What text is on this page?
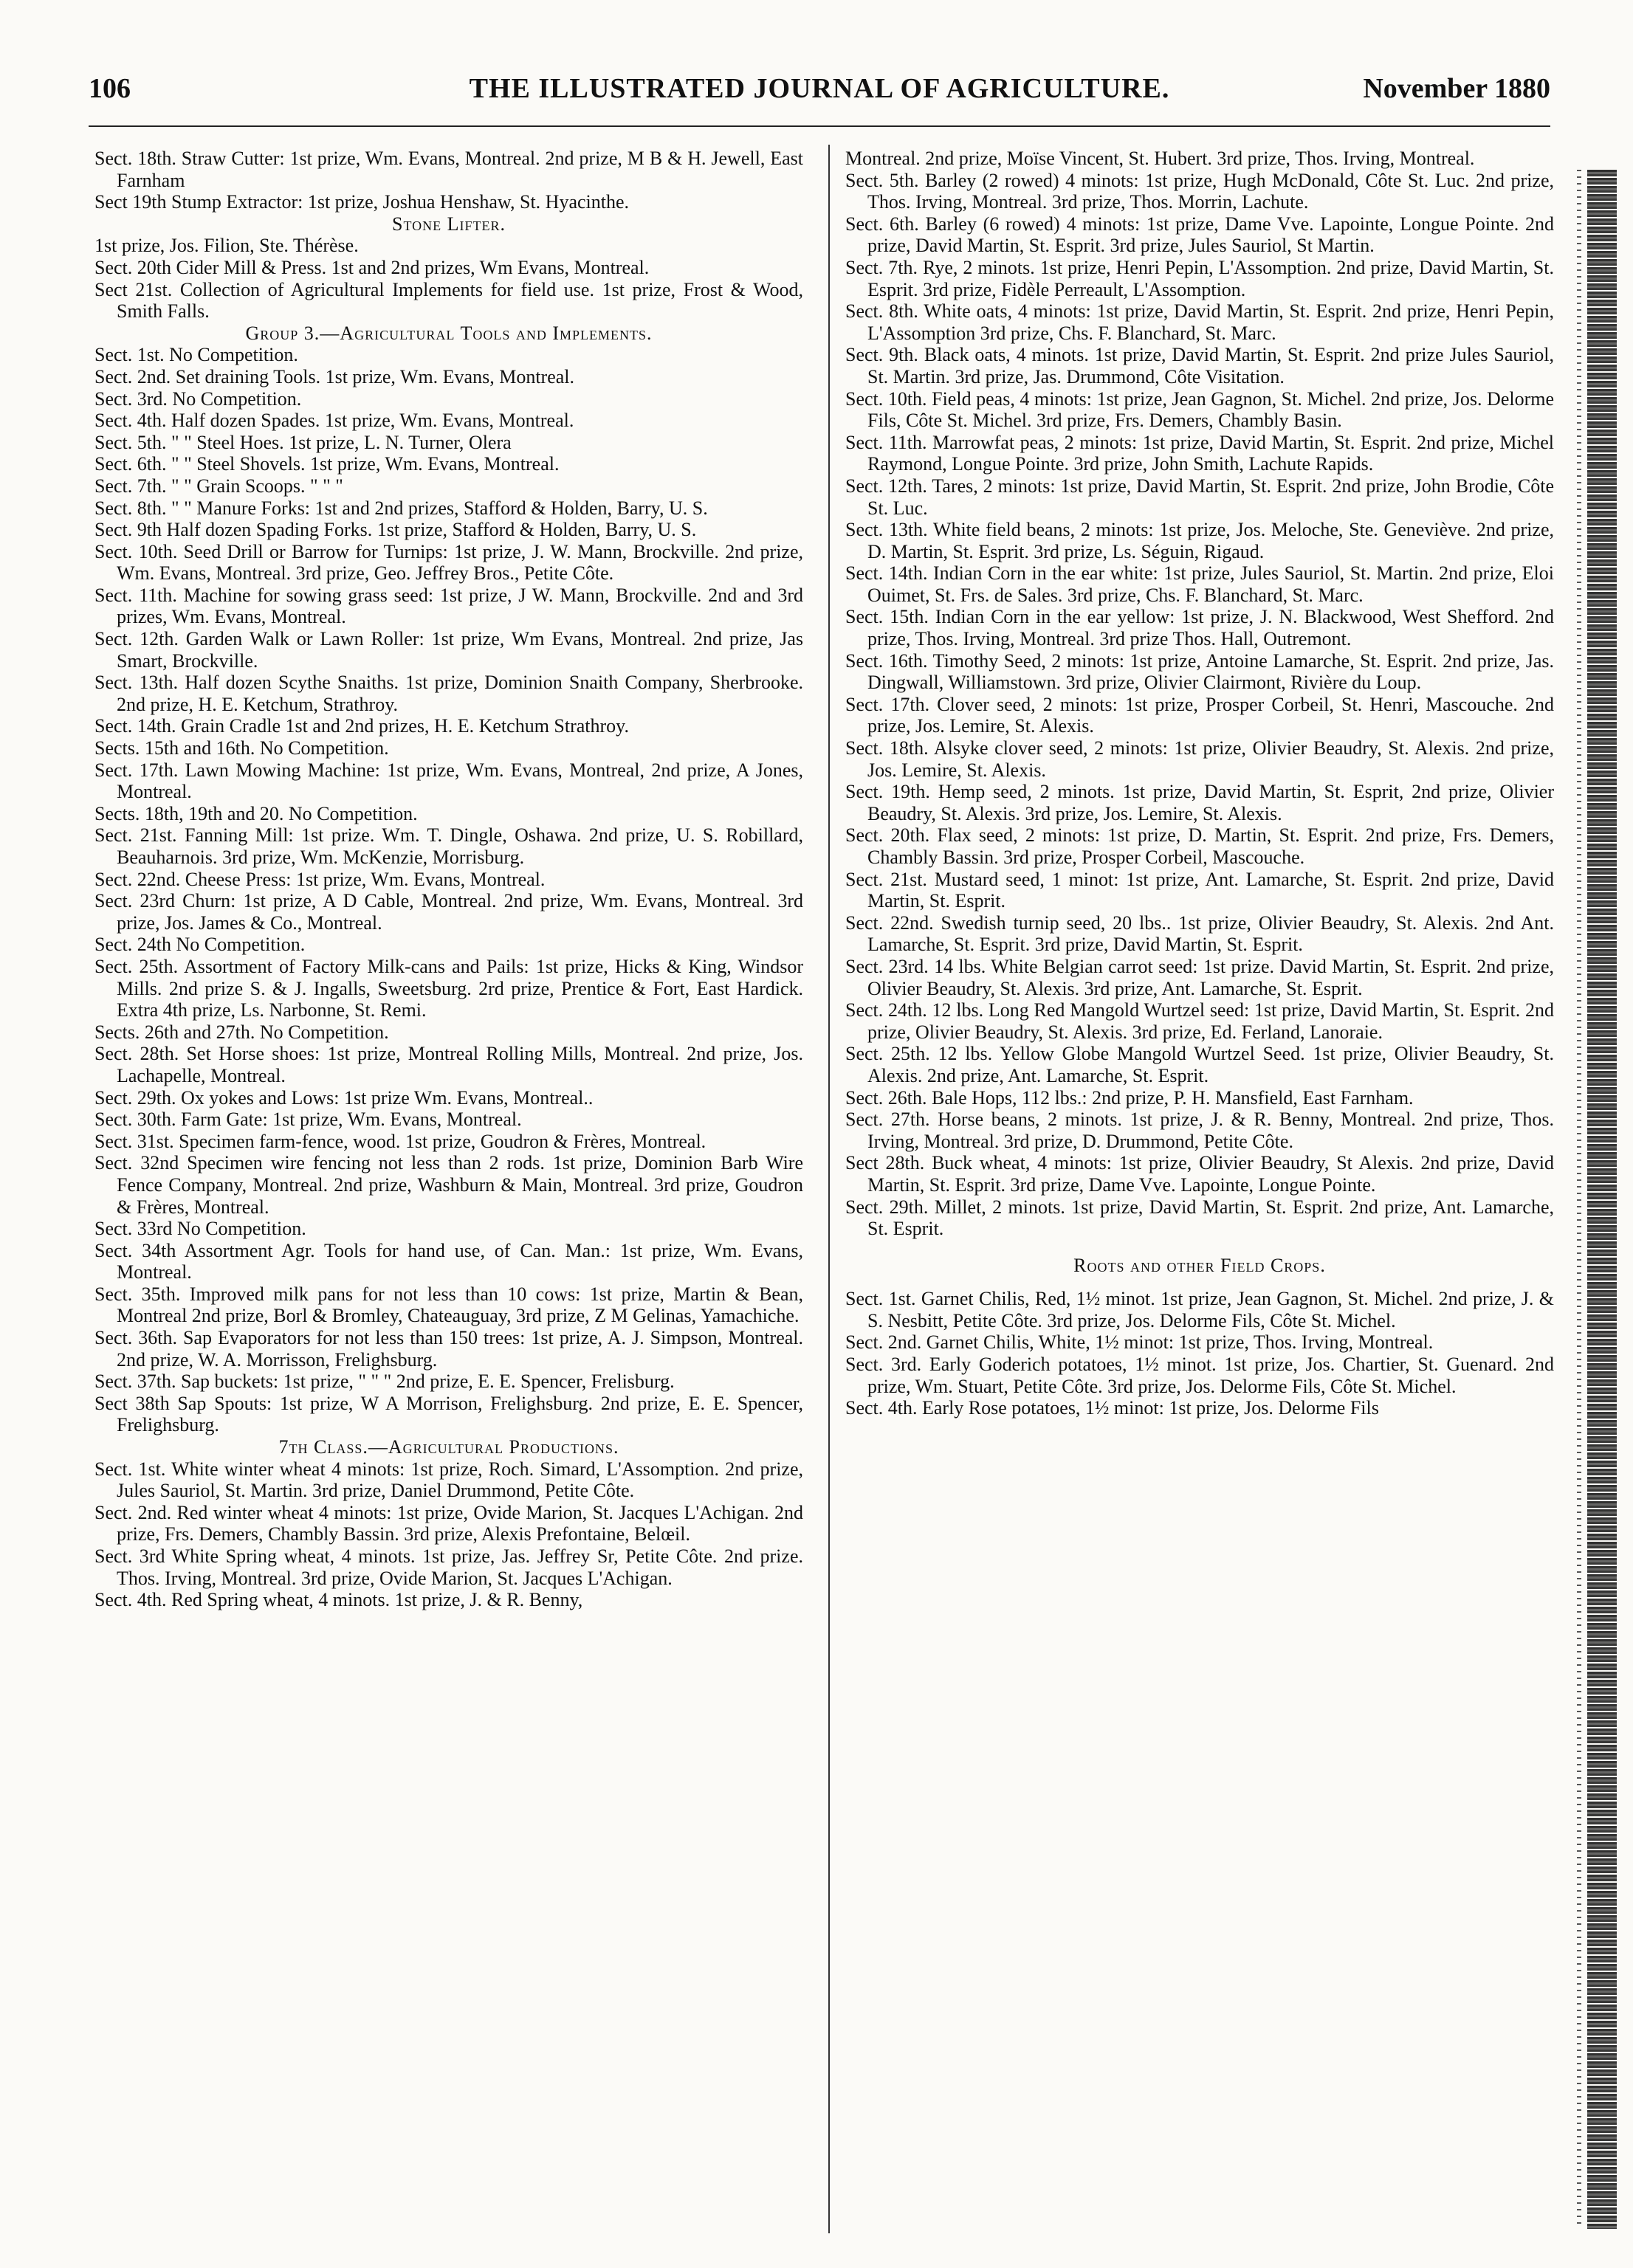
106	THE ILLUSTRATED JOURNAL OF AGRICULTURE.	November 1880

Sect. 18th. Straw Cutter: 1st prize, Wm. Evans, Montreal. 2nd prize, M B & H. Jewell, East Farnham

Sect 19th Stump Extractor: 1st prize, Joshua Henshaw, St. Hyacinthe.

Stone Lifter.

1st prize, Jos. Filion, Ste. Thérèse.

Sect. 20th Cider Mill & Press. 1st and 2nd prizes, Wm Evans, Montreal.

Sect 21st. Collection of Agricultural Implements for field use. 1st prize, Frost & Wood, Smith Falls.

Group 3.—Agricultural Tools and Implements.

Sect. 1st. No Competition.

Sect. 2nd. Set draining Tools. 1st prize, Wm. Evans, Montreal.

Sect. 3rd. No Competition.

Sect. 4th. Half dozen Spades. 1st prize, Wm. Evans, Montreal.

Sect. 5th. " " Steel Hoes. 1st prize, L. N. Turner, Olera

Sect. 6th. " " Steel Shovels. 1st prize, Wm. Evans, Montreal.

Sect. 7th. " " Grain Scoops. " " "

Sect. 8th. " " Manure Forks: 1st and 2nd prizes, Stafford & Holden, Barry, U. S.

Sect. 9th Half dozen Spading Forks. 1st prize, Stafford & Holden, Barry, U. S.

Sect. 10th. Seed Drill or Barrow for Turnips: 1st prize, J. W. Mann, Brockville. 2nd prize, Wm. Evans, Montreal. 3rd prize, Geo. Jeffrey Bros., Petite Côte.

Sect. 11th. Machine for sowing grass seed: 1st prize, J W. Mann, Brockville. 2nd and 3rd prizes, Wm. Evans, Montreal.

Sect. 12th. Garden Walk or Lawn Roller: 1st prize, Wm Evans, Montreal. 2nd prize, Jas Smart, Brockville.

Sect. 13th. Half dozen Scythe Snaiths. 1st prize, Dominion Snaith Company, Sherbrooke. 2nd prize, H. E. Ketchum, Strathroy.

Sect. 14th. Grain Cradle 1st and 2nd prizes, H. E. Ketchum Strathroy.

Sects. 15th and 16th. No Competition.

Sect. 17th. Lawn Mowing Machine: 1st prize, Wm. Evans, Montreal, 2nd prize, A Jones, Montreal.

Sects. 18th, 19th and 20. No Competition.

Sect. 21st. Fanning Mill: 1st prize. Wm. T. Dingle, Oshawa. 2nd prize, U. S. Robillard, Beauharnois. 3rd prize, Wm. McKenzie, Morrisburg.

Sect. 22nd. Cheese Press: 1st prize, Wm. Evans, Montreal.

Sect. 23rd Churn: 1st prize, A D Cable, Montreal. 2nd prize, Wm. Evans, Montreal. 3rd prize, Jos. James & Co., Montreal.

Sect. 24th No Competition.

Sect. 25th. Assortment of Factory Milk-cans and Pails: 1st prize, Hicks & King, Windsor Mills. 2nd prize S. & J. Ingalls, Sweetsburg. 2rd prize, Prentice & Fort, East Hardick. Extra 4th prize, Ls. Narbonne, St. Remi.

Sects. 26th and 27th. No Competition.

Sect. 28th. Set Horse shoes: 1st prize, Montreal Rolling Mills, Montreal. 2nd prize, Jos. Lachapelle, Montreal.

Sect. 29th. Ox yokes and Lows: 1st prize Wm. Evans, Montreal..

Sect. 30th. Farm Gate: 1st prize, Wm. Evans, Montreal.

Sect. 31st. Specimen farm-fence, wood. 1st prize, Goudron & Frères, Montreal.

Sect. 32nd Specimen wire fencing not less than 2 rods. 1st prize, Dominion Barb Wire Fence Company, Montreal. 2nd prize, Washburn & Main, Montreal. 3rd prize, Goudron & Frères, Montreal.

Sect. 33rd No Competition.

Sect. 34th Assortment Agr. Tools for hand use, of Can. Man.: 1st prize, Wm. Evans, Montreal.

Sect. 35th. Improved milk pans for not less than 10 cows: 1st prize, Martin & Bean, Montreal 2nd prize, Borl & Bromley, Chateauguay, 3rd prize, Z M Gelinas, Yamachiche.

Sect. 36th. Sap Evaporators for not less than 150 trees: 1st prize, A. J. Simpson, Montreal. 2nd prize, W. A. Morrisson, Frelighsburg.

Sect. 37th. Sap buckets: 1st prize, " " " 2nd prize, E. E. Spencer, Frelisburg.

Sect 38th Sap Spouts: 1st prize, W A Morrison, Frelighsburg. 2nd prize, E. E. Spencer, Frelighsburg.

7th Class.—Agricultural Productions.

Sect. 1st. White winter wheat 4 minots: 1st prize, Roch. Simard, L'Assomption. 2nd prize, Jules Sauriol, St. Martin. 3rd prize, Daniel Drummond, Petite Côte.

Sect. 2nd. Red winter wheat 4 minots: 1st prize, Ovide Marion, St. Jacques L'Achigan. 2nd prize, Frs. Demers, Chambly Bassin. 3rd prize, Alexis Prefontaine, Belœil.

Sect. 3rd White Spring wheat, 4 minots. 1st prize, Jas. Jeffrey Sr, Petite Côte. 2nd prize. Thos. Irving, Montreal. 3rd prize, Ovide Marion, St. Jacques L'Achigan.

Sect. 4th. Red Spring wheat, 4 minots. 1st prize, J. & R. Benny,

Montreal. 2nd prize, Moïse Vincent, St. Hubert. 3rd prize, Thos. Irving, Montreal.

Sect. 5th. Barley (2 rowed) 4 minots: 1st prize, Hugh McDonald, Côte St. Luc. 2nd prize, Thos. Irving, Montreal. 3rd prize, Thos. Morrin, Lachute.

Sect. 6th. Barley (6 rowed) 4 minots: 1st prize, Dame Vve. Lapointe, Longue Pointe. 2nd prize, David Martin, St. Esprit. 3rd prize, Jules Sauriol, St Martin.

Sect. 7th. Rye, 2 minots. 1st prize, Henri Pepin, L'Assomption. 2nd prize, David Martin, St. Esprit. 3rd prize, Fidèle Perreault, L'Assomption.

Sect. 8th. White oats, 4 minots: 1st prize, David Martin, St. Esprit. 2nd prize, Henri Pepin, L'Assomption 3rd prize, Chs. F. Blanchard, St. Marc.

Sect. 9th. Black oats, 4 minots. 1st prize, David Martin, St. Esprit. 2nd prize Jules Sauriol, St. Martin. 3rd prize, Jas. Drummond, Côte Visitation.

Sect. 10th. Field peas, 4 minots: 1st prize, Jean Gagnon, St. Michel. 2nd prize, Jos. Delorme Fils, Côte St. Michel. 3rd prize, Frs. Demers, Chambly Basin.

Sect. 11th. Marrowfat peas, 2 minots: 1st prize, David Martin, St. Esprit. 2nd prize, Michel Raymond, Longue Pointe. 3rd prize, John Smith, Lachute Rapids.

Sect. 12th. Tares, 2 minots: 1st prize, David Martin, St. Esprit. 2nd prize, John Brodie, Côte St. Luc.

Sect. 13th. White field beans, 2 minots: 1st prize, Jos. Meloche, Ste. Geneviève. 2nd prize, D. Martin, St. Esprit. 3rd prize, Ls. Séguin, Rigaud.

Sect. 14th. Indian Corn in the ear white: 1st prize, Jules Sauriol, St. Martin. 2nd prize, Eloi Ouimet, St. Frs. de Sales. 3rd prize, Chs. F. Blanchard, St. Marc.

Sect. 15th. Indian Corn in the ear yellow: 1st prize, J. N. Blackwood, West Shefford. 2nd prize, Thos. Irving, Montreal. 3rd prize Thos. Hall, Outremont.

Sect. 16th. Timothy Seed, 2 minots: 1st prize, Antoine Lamarche, St. Esprit. 2nd prize, Jas. Dingwall, Williamstown. 3rd prize, Olivier Clairmont, Rivière du Loup.

Sect. 17th. Clover seed, 2 minots: 1st prize, Prosper Corbeil, St. Henri, Mascouche. 2nd prize, Jos. Lemire, St. Alexis.

Sect. 18th. Alsyke clover seed, 2 minots: 1st prize, Olivier Beaudry, St. Alexis. 2nd prize, Jos. Lemire, St. Alexis.

Sect. 19th. Hemp seed, 2 minots. 1st prize, David Martin, St. Esprit, 2nd prize, Olivier Beaudry, St. Alexis. 3rd prize, Jos. Lemire, St. Alexis.

Sect. 20th. Flax seed, 2 minots: 1st prize, D. Martin, St. Esprit. 2nd prize, Frs. Demers, Chambly Bassin. 3rd prize, Prosper Corbeil, Mascouche.

Sect. 21st. Mustard seed, 1 minot: 1st prize, Ant. Lamarche, St. Esprit. 2nd prize, David Martin, St. Esprit.

Sect. 22nd. Swedish turnip seed, 20 lbs.. 1st prize, Olivier Beaudry, St. Alexis. 2nd Ant. Lamarche, St. Esprit. 3rd prize, David Martin, St. Esprit.

Sect. 23rd. 14 lbs. White Belgian carrot seed: 1st prize. David Martin, St. Esprit. 2nd prize, Olivier Beaudry, St. Alexis. 3rd prize, Ant. Lamarche, St. Esprit.

Sect. 24th. 12 lbs. Long Red Mangold Wurtzel seed: 1st prize, David Martin, St. Esprit. 2nd prize, Olivier Beaudry, St. Alexis. 3rd prize, Ed. Ferland, Lanoraie.

Sect. 25th. 12 lbs. Yellow Globe Mangold Wurtzel Seed. 1st prize, Olivier Beaudry, St. Alexis. 2nd prize, Ant. Lamarche, St. Esprit.

Sect. 26th. Bale Hops, 112 lbs.: 2nd prize, P. H. Mansfield, East Farnham.

Sect. 27th. Horse beans, 2 minots. 1st prize, J. & R. Benny, Montreal. 2nd prize, Thos. Irving, Montreal. 3rd prize, D. Drummond, Petite Côte.

Sect 28th. Buck wheat, 4 minots: 1st prize, Olivier Beaudry, St Alexis. 2nd prize, David Martin, St. Esprit. 3rd prize, Dame Vve. Lapointe, Longue Pointe.

Sect. 29th. Millet, 2 minots. 1st prize, David Martin, St. Esprit. 2nd prize, Ant. Lamarche, St. Esprit.

Roots and other Field Crops.

Sect. 1st. Garnet Chilis, Red, 1½ minot. 1st prize, Jean Gagnon, St. Michel. 2nd prize, J. & S. Nesbitt, Petite Côte. 3rd prize, Jos. Delorme Fils, Côte St. Michel.

Sect. 2nd. Garnet Chilis, White, 1½ minot: 1st prize, Thos. Irving, Montreal.

Sect. 3rd. Early Goderich potatoes, 1½ minot. 1st prize, Jos. Chartier, St. Guenard. 2nd prize, Wm. Stuart, Petite Côte. 3rd prize, Jos. Delorme Fils, Côte St. Michel.

Sect. 4th. Early Rose potatoes, 1½ minot: 1st prize, Jos. Delorme Fils
